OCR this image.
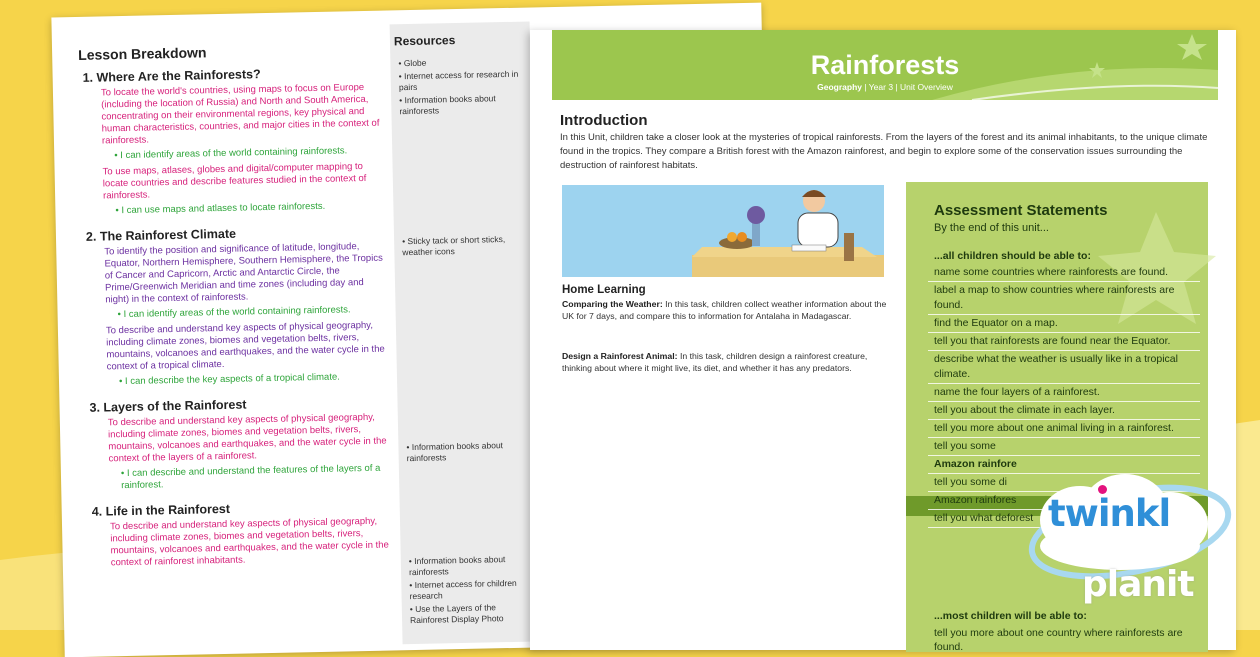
Lesson Breakdown
Resources
1. Where Are the Rainforests?
To locate the world's countries, using maps to focus on Europe (including the location of Russia) and North and South America, concentrating on their environmental regions, key physical and human characteristics, countries, and major cities in the context of rainforests.
• I can identify areas of the world containing rainforests.
To use maps, atlases, globes and digital/computer mapping to locate countries and describe features studied in the context of rainforests.
• I can use maps and atlases to locate rainforests.
2. The Rainforest Climate
To identify the position and significance of latitude, longitude, Equator, Northern Hemisphere, Southern Hemisphere, the Tropics of Cancer and Capricorn, Arctic and Antarctic Circle, the Prime/Greenwich Meridian and time zones (including day and night) in the context of rainforests.
• I can identify areas of the world containing rainforests.
To describe and understand key aspects of physical geography, including climate zones, biomes and vegetation belts, rivers, mountains, volcanoes and earthquakes, and the water cycle in the context of a tropical climate.
• I can describe the key aspects of a tropical climate.
3. Layers of the Rainforest
To describe and understand key aspects of physical geography, including climate zones, biomes and vegetation belts, rivers, mountains, volcanoes and earthquakes, and the water cycle in the context of the layers of a rainforest.
• I can describe and understand the features of the layers of a rainforest.
4. Life in the Rainforest
To describe and understand key aspects of physical geography, including climate zones, biomes and vegetation belts, rivers, mountains, volcanoes and earthquakes, and the water cycle in the context of rainforest inhabitants.
• Globe
• Internet access for research in pairs
• Information books about rainforests
• Sticky tack or short sticks, weather icons
• Information books about rainforests
• Information books about rainforests
• Internet access for children research
• Use the Layers of the Rainforest Display Photo
Rainforests
Geography | Year 3 | Unit Overview
Introduction
In this Unit, children take a closer look at the mysteries of tropical rainforests. From the layers of the forest and its animal inhabitants, to the unique climate found in the tropics. They compare a British forest with the Amazon rainforest, and begin to explore some of the conservation issues surrounding the destruction of rainforest habitats.
Home Learning
Comparing the Weather: In this task, children collect weather information about the UK for 7 days, and compare this to information for Antalaha in Madagascar.
Design a Rainforest Animal: In this task, children design a rainforest creature, thinking about where it might live, its diet, and whether it has any predators.
Assessment Statements
By the end of this unit...
...all children should be able to:
name some countries where rainforests are found.
label a map to show countries where rainforests are found.
find the Equator on a map.
tell you that rainforests are found near the Equator.
describe what the weather is usually like in a tropical climate.
name the four layers of a rainforest.
tell you about the climate in each layer.
tell you more about one animal living in a rainforest.
tell you some
Amazon rainfore
tell you some di
Amazon rainfores
tell you what deforest
...most children will be able to:
tell you more about one country where rainforests are found.
twinkl
planit
